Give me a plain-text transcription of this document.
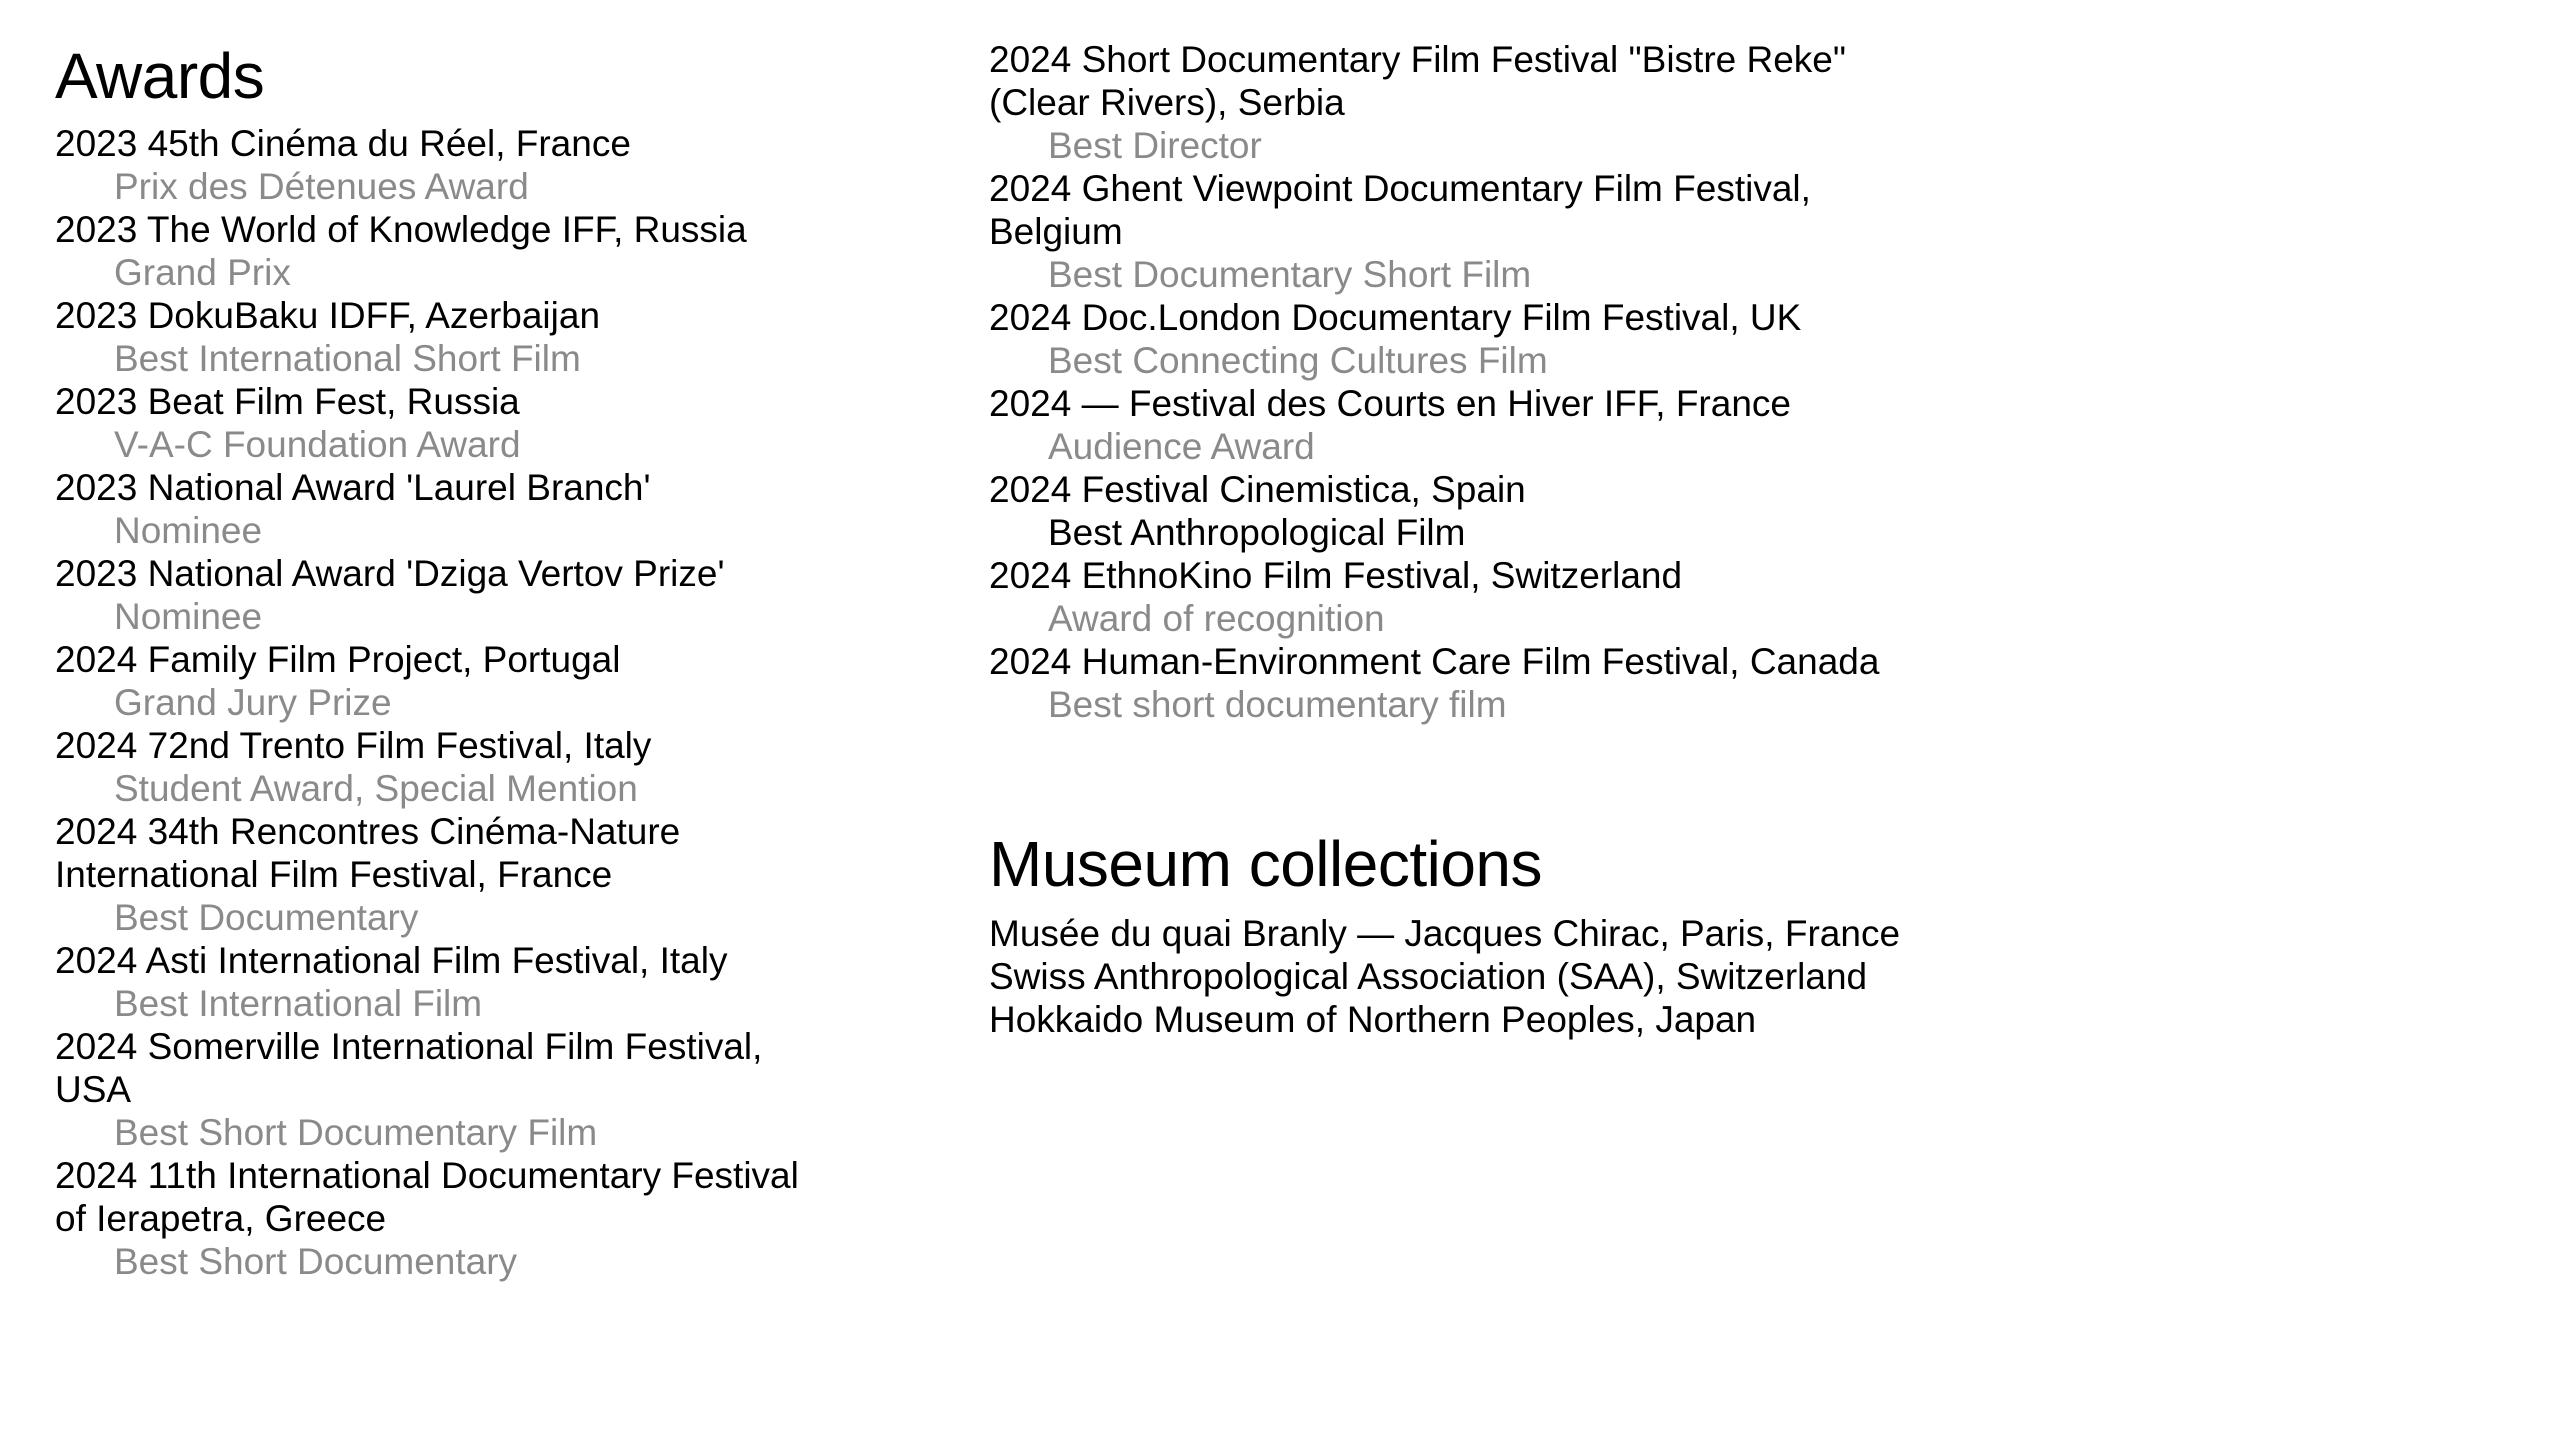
Awards

2023 45th Cinéma du Réel, France

Prix des Détenues Award

2023 The World of Knowledge IFF, Russia

Grand Prix

2023 DokuBaku IDFF, Azerbaijan

Best International Short Film

2023 Beat Film Fest, Russia

V-A-C Foundation Award

2023 National Award 'Laurel Branch'

Nominee

2023 National Award 'Dziga Vertov Prize'

Nominee

2024 Family Film Project, Portugal

Grand Jury Prize

2024 72nd Trento Film Festival, Italy

Student Award, Special Mention

2024 34th Rencontres Cinéma-Nature International Film Festival, France

Best Documentary

2024 Asti International Film Festival, Italy

Best International Film

2024 Somerville International Film Festival, USA

Best Short Documentary Film

2024 11th International Documentary Festival of Ierapetra, Greece

Best Short Documentary

2024 Short Documentary Film Festival "Bistre Reke" (Clear Rivers), Serbia

Best Director

2024 Ghent Viewpoint Documentary Film Festival, Belgium

Best Documentary Short Film

2024 Doc.London Documentary Film Festival, UK

Best Connecting Cultures Film

2024 — Festival des Courts en Hiver IFF, France

Audience Award

2024 Festival Cinemistica, Spain

Best Anthropological Film

2024 EthnoKino Film Festival, Switzerland

Award of recognition

2024 Human-Environment Care Film Festival, Canada

Best short documentary film

Museum collections

Musée du quai Branly — Jacques Chirac, Paris, France

Swiss Anthropological Association (SAA), Switzerland

Hokkaido Museum of Northern Peoples, Japan
